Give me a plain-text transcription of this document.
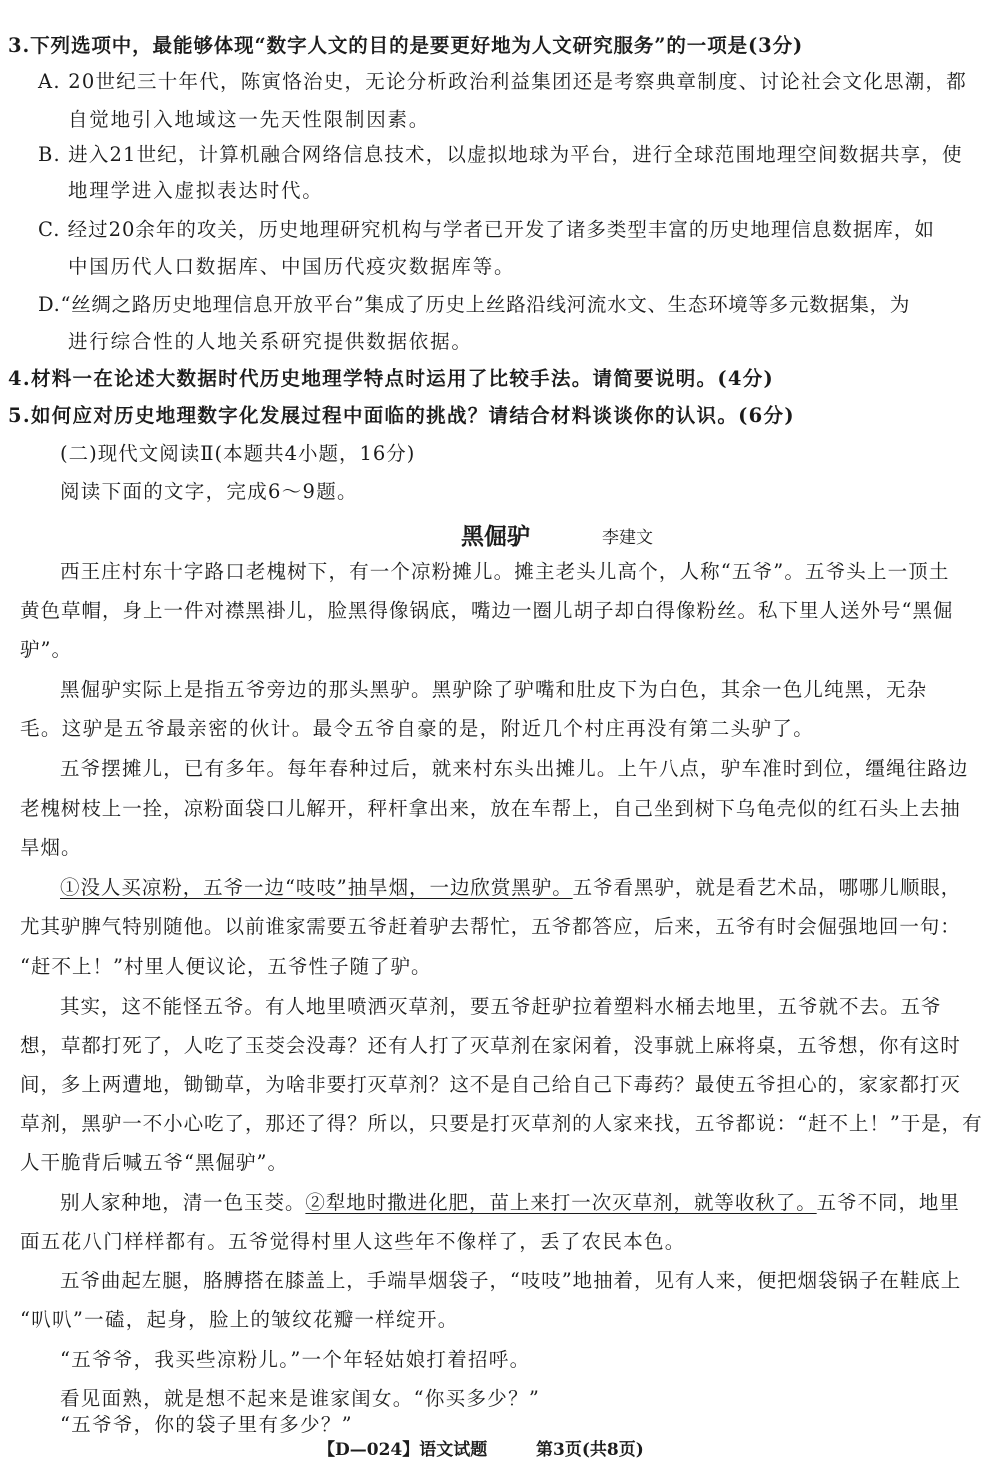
3.下列选项中，最能够体现“数字人文的目的是要更好地为人文研究服务”的一项是(3分)
A. 20世纪三十年代，陈寅恪治史，无论分析政治利益集团还是考察典章制度、讨论社会文化思潮，都
自觉地引入地域这一先天性限制因素。
B. 进入21世纪，计算机融合网络信息技术，以虚拟地球为平台，进行全球范围地理空间数据共享，使
地理学进入虚拟表达时代。
C. 经过20余年的攻关，历史地理研究机构与学者已开发了诸多类型丰富的历史地理信息数据库，如
中国历代人口数据库、中国历代疫灾数据库等。
D.“丝绸之路历史地理信息开放平台”集成了历史上丝路沿线河流水文、生态环境等多元数据集，为
进行综合性的人地关系研究提供数据依据。
4.材料一在论述大数据时代历史地理学特点时运用了比较手法。请简要说明。(4分)
5.如何应对历史地理数字化发展过程中面临的挑战？请结合材料谈谈你的认识。(6分)
(二)现代文阅读Ⅱ(本题共4小题，16分)
阅读下面的文字，完成6～9题。
黑倔驴	李建文
西王庄村东十字路口老槐树下，有一个凉粉摊儿。摊主老头儿高个，人称“五爷”。五爷头上一顶土
黄色草帽，身上一件对襟黑褂儿，脸黑得像锅底，嘴边一圈儿胡子却白得像粉丝。私下里人送外号“黑倔
驴”。
黑倔驴实际上是指五爷旁边的那头黑驴。黑驴除了驴嘴和肚皮下为白色，其余一色儿纯黑，无杂
毛。这驴是五爷最亲密的伙计。最令五爷自豪的是，附近几个村庄再没有第二头驴了。
五爷摆摊儿，已有多年。每年春种过后，就来村东头出摊儿。上午八点，驴车准时到位，缰绳往路边
老槐树枝上一拴，凉粉面袋口儿解开，秤杆拿出来，放在车帮上，自己坐到树下乌龟壳似的红石头上去抽
旱烟。
①没人买凉粉，五爷一边“吱吱”抽旱烟，一边欣赏黑驴。五爷看黑驴，就是看艺术品，哪哪儿顺眼，
尤其驴脾气特别随他。以前谁家需要五爷赶着驴去帮忙，五爷都答应，后来，五爷有时会倔强地回一句：
“赶不上！”村里人便议论，五爷性子随了驴。
其实，这不能怪五爷。有人地里喷洒灭草剂，要五爷赶驴拉着塑料水桶去地里，五爷就不去。五爷
想，草都打死了，人吃了玉茭会没毒？还有人打了灭草剂在家闲着，没事就上麻将桌，五爷想，你有这时
间，多上两遭地，锄锄草，为啥非要打灭草剂？这不是自己给自己下毒药？最使五爷担心的，家家都打灭
草剂，黑驴一不小心吃了，那还了得？所以，只要是打灭草剂的人家来找，五爷都说：“赶不上！”于是，有
人干脆背后喊五爷“黑倔驴”。
别人家种地，清一色玉茭。②犁地时撒进化肥，苗上来打一次灭草剂，就等收秋了。五爷不同，地里
面五花八门样样都有。五爷觉得村里人这些年不像样了，丢了农民本色。
五爷曲起左腿，胳膊搭在膝盖上，手端旱烟袋子，“吱吱”地抽着，见有人来，便把烟袋锅子在鞋底上
“叭叭”一磕，起身，脸上的皱纹花瓣一样绽开。
“五爷爷，我买些凉粉儿。”一个年轻姑娘打着招呼。
看见面熟，就是想不起来是谁家闺女。“你买多少？”
“五爷爷，你的袋子里有多少？”
【D—024】语文试题	第3页(共8页)
